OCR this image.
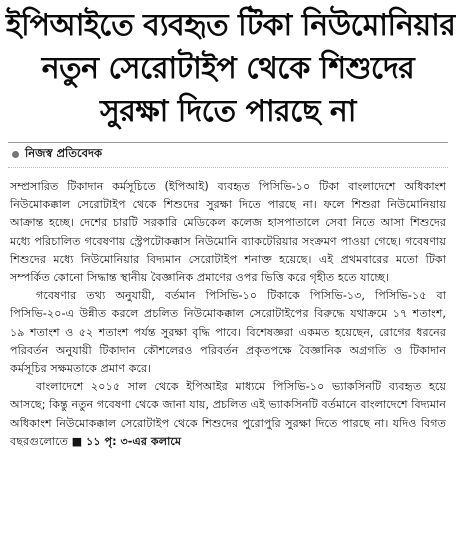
ইপিআইতে ব্যবহৃত টিকা নিউমোনিয়ার
নতুন সেরোটাইপ থেকে শিশুদের
সুরক্ষা দিতে পারছে না
নিজস্ব প্রতিবেদক

সম্প্রসারিত টিকাদান কর্মসূচিতে (ইপিআই) ব্যবহৃত পিসিভি-১০ টিকা বাংলাদেশে অধিকাংশ নিউমোকক্কাল সেরোটাইপ থেকে শিশুদের সুরক্ষা দিতে পারছে না। ফলে শিশুরা নিউমোনিয়ায় আক্রান্ত হচ্ছে। দেশের চারটি সরকারি মেডিকেল কলেজ হাসপাতালে সেবা নিতে আসা শিশুদের মধ্যে পরিচালিত গবেষণায় স্ট্রেপটোকক্কাস নিউমোনি ব্যাকটেরিয়ার সংক্রমণ পাওয়া গেছে। গবেষণায় শিশুদের মধ্যে নিউমোনিয়ার বিদ্যমান সেরোটাইপ শনাক্ত হয়েছে। এই প্রথমবারের মতো টিকা সম্পর্কিত কোনো সিদ্ধান্ত স্থানীয় বৈজ্ঞানিক প্রমাণের ওপর ভিত্তি করে গৃহীত হতে যাচ্ছে।

গবেষণার তথ্য অনুযায়ী, বর্তমান পিসিভি-১০ টিকাকে পিসিভি-১৩, পিসিভি-১৫ বা পিসিভি-২০-এ উন্নীত করলে প্রচলিত নিউমোকক্কাল সেরোটাইপের বিরুদ্ধে যথাক্রমে ১৭ শতাংশ, ১৯ শতাংশ ও ৫২ শতাংশ পর্যন্ত সুরক্ষা বৃদ্ধি পাবে। বিশেষজ্ঞরা একমত হয়েছেন, রোগের ধরনের পরিবর্তন অনুযায়ী টিকাদান কৌশলেরও পরিবর্তন প্রকৃতপক্ষে বৈজ্ঞানিক অগ্রগতি ও টিকাদান কর্মসূচির সক্ষমতাকে প্রমাণ করে।

বাংলাদেশে ২০১৫ সাল থেকে ইপিআইর মাধ্যমে পিসিভি-১০ ভ্যাকসিনটি ব্যবহৃত হয়ে আসছে; কিন্তু নতুন গবেষণা থেকে জানা যায়, প্রচলিত এই ভ্যাকসিনটি বর্তমানে বাংলাদেশে বিদ্যমান অধিকাংশ নিউমোকক্কাল সেরোটাইপ থেকে শিশুদের পুরোপুরি সুরক্ষা দিতে পারছে না। যদিও বিগত বছরগুলোতে ■ ১১ পৃ: ৩-এর কলামে
